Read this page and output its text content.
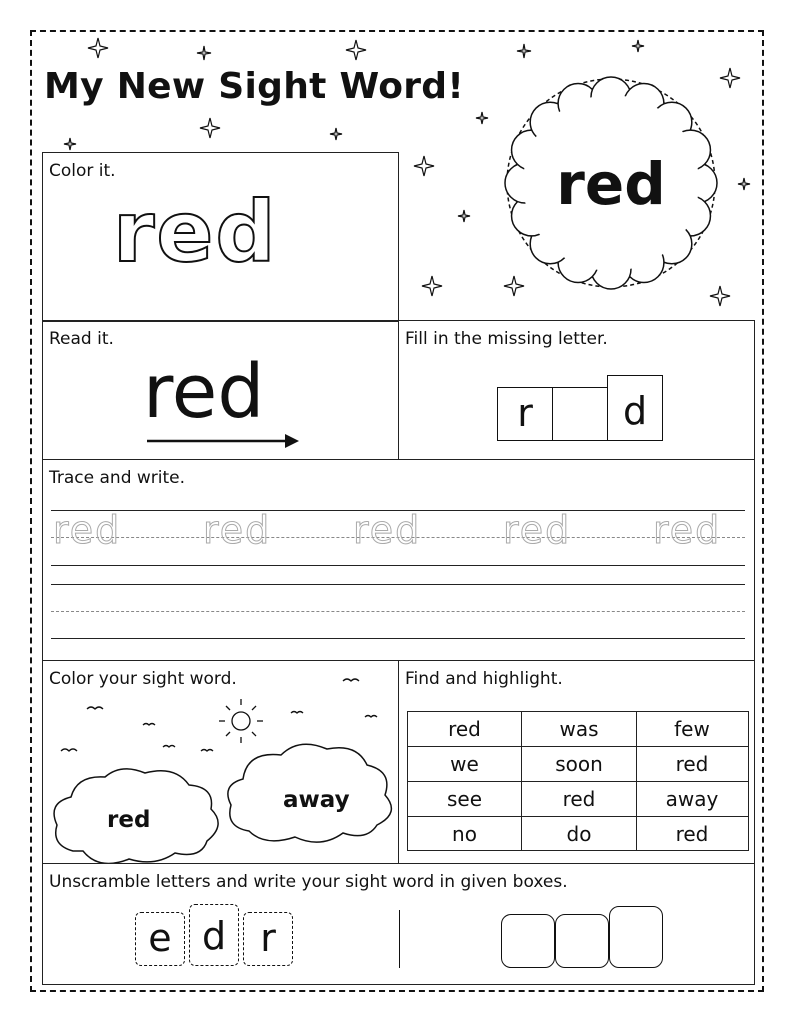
My New Sight Word!
red
Color it.
red
Read it.
red
Fill in the missing letter.
r	d
Trace and write.
red red red red red
Color your sight word.
red
away
Find and highlight.
red	was	few
we	soon	red
see	red	away
no	do	red
Unscramble letters and write your sight word in given boxes.
e d r
